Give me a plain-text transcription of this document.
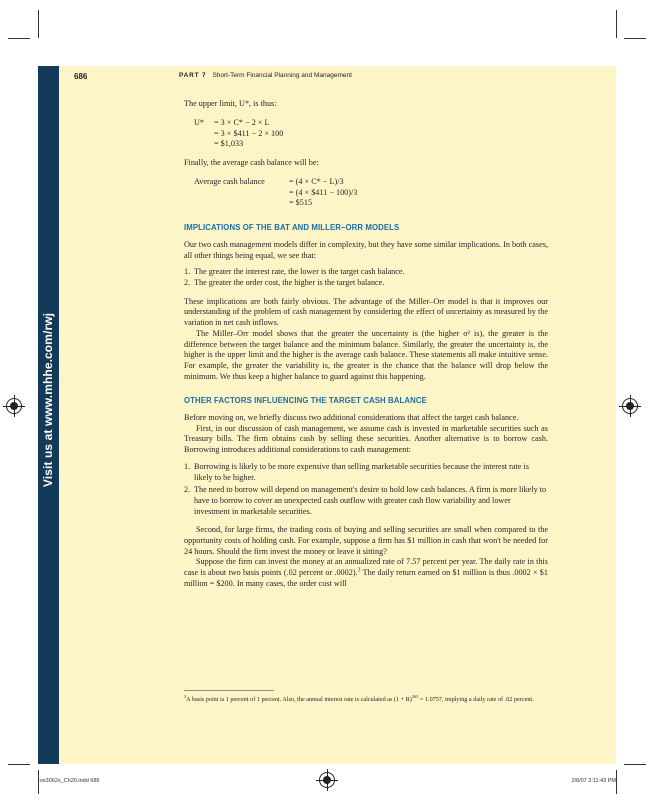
Visit us at www.mhhe.com/rwj
686	PART 7 Short-Term Financial Planning and Management

The upper limit, U*, is thus:

U*	= 3 × C* − 2 × L
= 3 × $411 − 2 × 100
= $1,033

Finally, the average cash balance will be:

Average cash balance	= (4 × C* − L)/3
= (4 × $411 − 100)/3
= $515
IMPLICATIONS OF THE BAT AND MILLER–ORR MODELS

Our two cash management models differ in complexity, but they have some similar implications. In both cases, all other things being equal, we see that:

1. The greater the interest rate, the lower is the target cash balance.
2. The greater the order cost, the higher is the target balance.

These implications are both fairly obvious. The advantage of the Miller–Orr model is that it improves our understanding of the problem of cash management by considering the effect of uncertainty as measured by the variation in net cash inflows.

The Miller–Orr model shows that the greater the uncertainty is (the higher σ² is), the greater is the difference between the target balance and the minimum balance. Similarly, the greater the uncertainty is, the higher is the upper limit and the higher is the average cash balance. These statements all make intuitive sense. For example, the greater the variability is, the greater is the chance that the balance will drop below the minimum. We thus keep a higher balance to guard against this happening.

OTHER FACTORS INFLUENCING THE TARGET CASH BALANCE

Before moving on, we briefly discuss two additional considerations that affect the target cash balance.

First, in our discussion of cash management, we assume cash is invested in marketable securities such as Treasury bills. The firm obtains cash by selling these securities. Another alternative is to borrow cash. Borrowing introduces additional considerations to cash management:

1. Borrowing is likely to be more expensive than selling marketable securities because the interest rate is likely to be higher.
2. The need to borrow will depend on management's desire to hold low cash balances. A firm is more likely to have to borrow to cover an unexpected cash outflow with greater cash flow variability and lower investment in marketable securities.

Second, for large firms, the trading costs of buying and selling securities are small when compared to the opportunity costs of holding cash. For example, suppose a firm has $1 million in cash that won't be needed for 24 hours. Should the firm invest the money or leave it sitting?

Suppose the firm can invest the money at an annualized rate of 7.57 percent per year. The daily rate in this case is about two basis points (.02 percent or .0002).$^3$ The daily return earned on $1 million is thus .0002 × $1 million = $200. In many cases, the order cost will

$^3$A basis point is 1 percent of 1 percent. Also, the annual interest rate is calculated as $(1 + R)^{365} = 1.0757$, implying a daily rate of .02 percent.
ros3062x_Ch20.indd 686	2/8/07 3:11:43 PM
